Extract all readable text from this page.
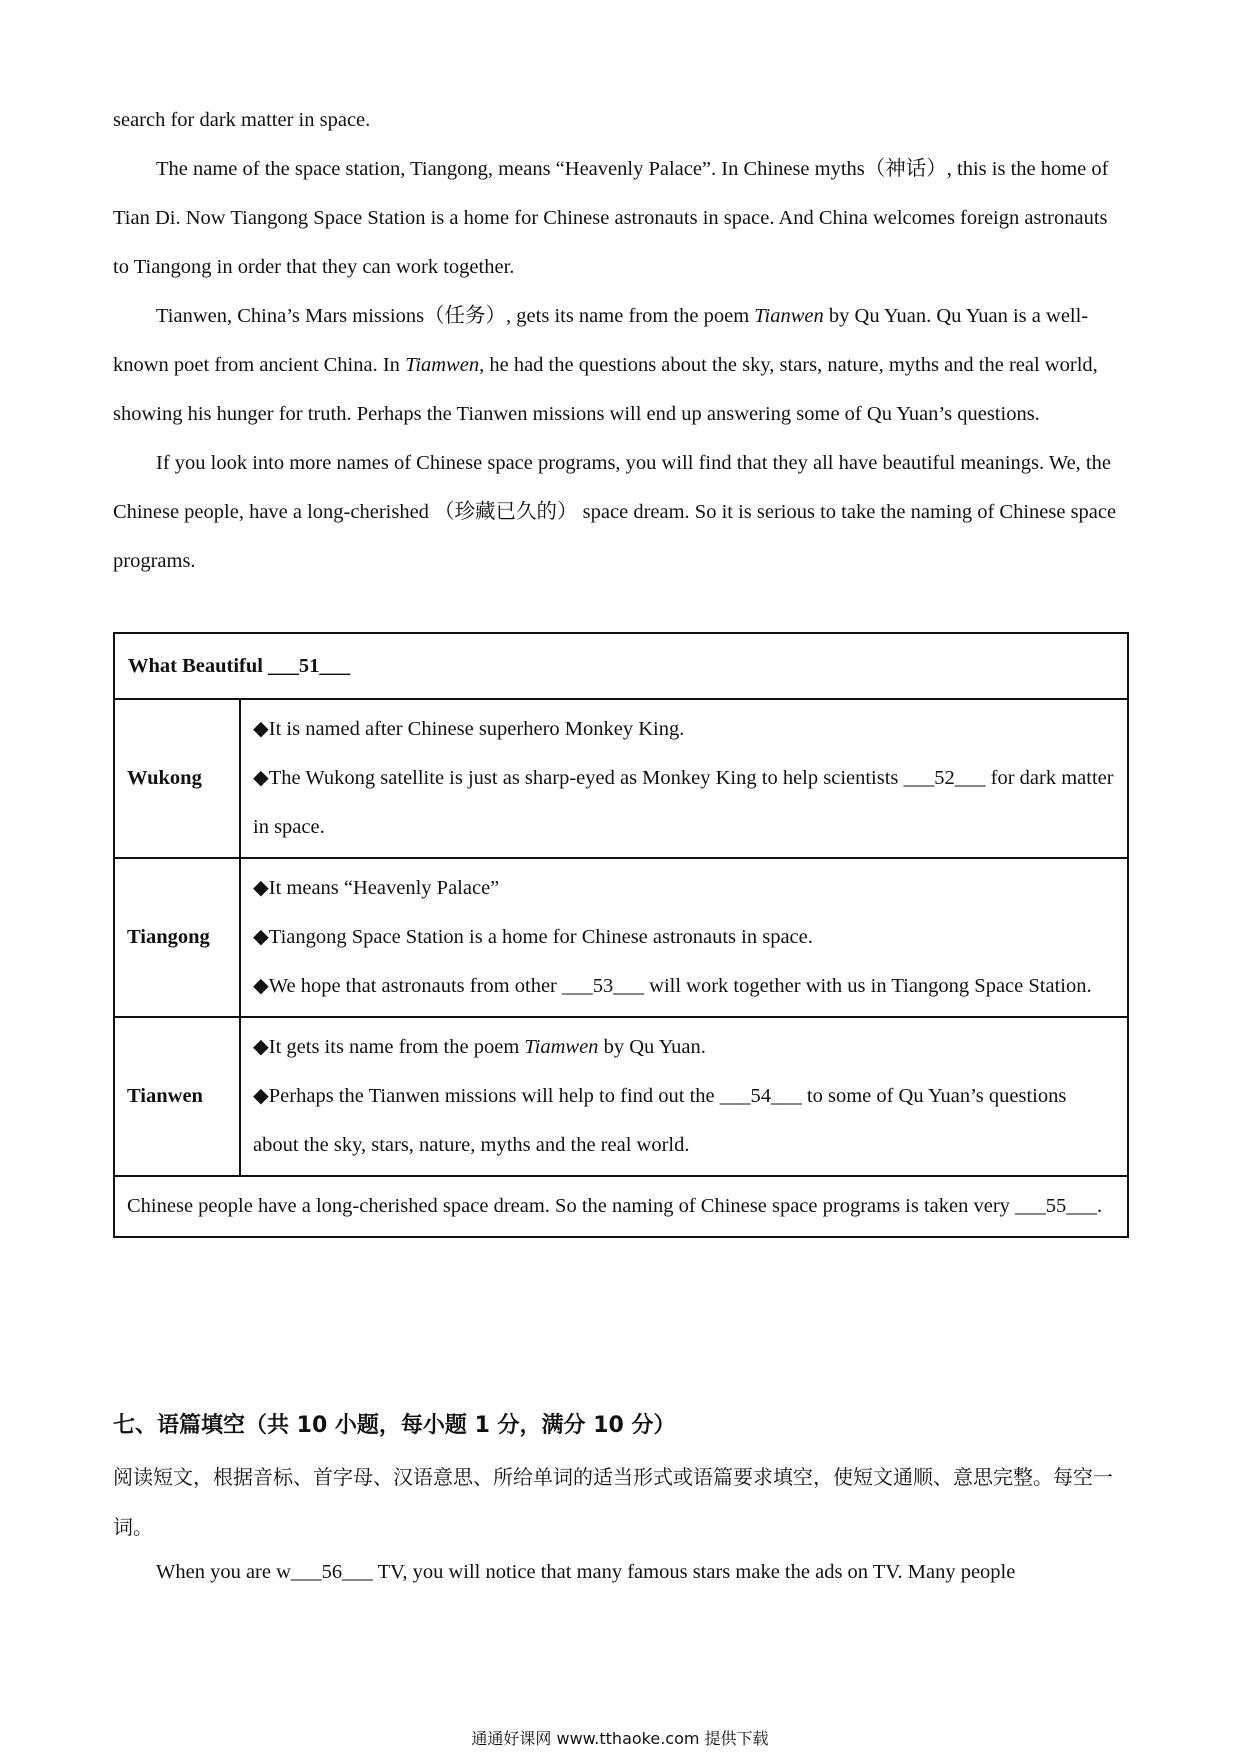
search for dark matter in space.

The name of the space station, Tiangong, means “Heavenly Palace”. In Chinese myths（神话）, this is the home of Tian Di. Now Tiangong Space Station is a home for Chinese astronauts in space. And China welcomes foreign astronauts to Tiangong in order that they can work together.

Tianwen, China’s Mars missions（任务）, gets its name from the poem Tianwen by Qu Yuan. Qu Yuan is a well-known poet from ancient China. In Tiamwen, he had the questions about the sky, stars, nature, myths and the real world, showing his hunger for truth. Perhaps the Tianwen missions will end up answering some of Qu Yuan’s questions.

If you look into more names of Chinese space programs, you will find that they all have beautiful meanings. We, the Chinese people, have a long-cherished （珍藏已久的） space dream. So it is serious to take the naming of Chinese space programs.

What Beautiful ___51___	
Wukong	◆It is named after Chinese superhero Monkey King.
◆The Wukong satellite is just as sharp-eyed as Monkey King to help scientists ___52___ for dark matter in space.

Tiangong	◆It means “Heavenly Palace”
◆Tiangong Space Station is a home for Chinese astronauts in space.
◆We hope that astronauts from other ___53___ will work together with us in Tiangong Space Station.

Tianwen	◆It gets its name from the poem Tiamwen by Qu Yuan.
◆Perhaps the Tianwen missions will help to find out the ___54___ to some of Qu Yuan’s questions about the sky, stars, nature, myths and the real world.

Chinese people have a long-cherished space dream. So the naming of Chinese space programs is taken very ___55___.	
七、语篇填空（共 10 小题，每小题 1 分，满分 10 分）
阅读短文，根据音标、首字母、汉语意思、所给单词的适当形式或语篇要求填空，使短文通顺、意思完整。每空一词。

When you are w___56___ TV, you will notice that many famous stars make the ads on TV. Many people

通通好课网 www.tthaoke.com 提供下载
